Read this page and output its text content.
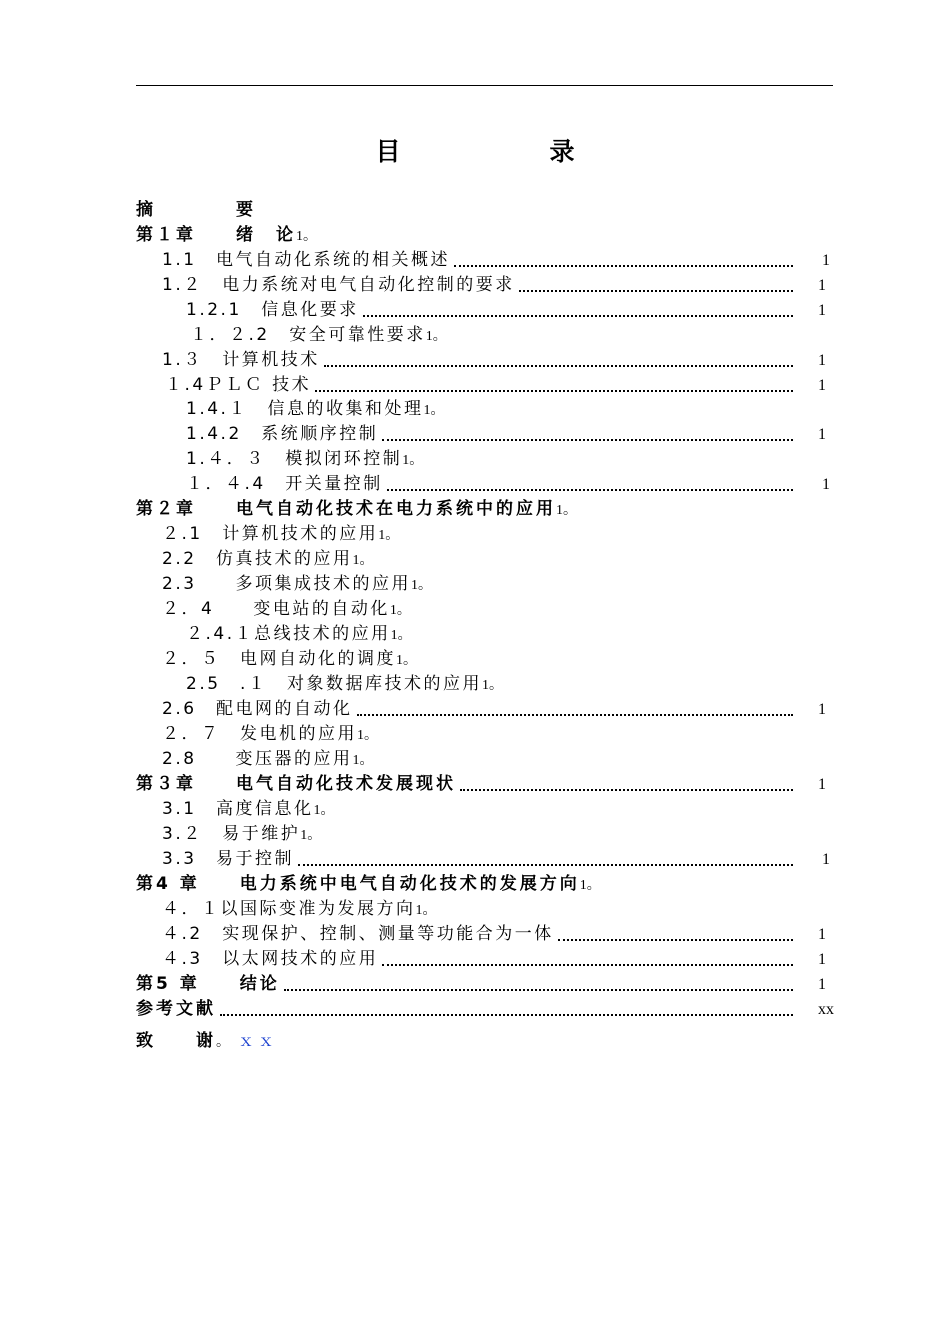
目　录
摘　　　　要
第１章　　绪　论1。
1.1　电气自动化系统的相关概述	1
1.２　电力系统对电气自动化控制的要求	1
1.2.1　信息化要求	1
１．２.2　安全可靠性要求1。
1.３　计算机技术	1
１.4ＰＬＣ 技术	1
1.4.１　信息的收集和处理1。
1.4.2　系统顺序控制	1
1.４．３　模拟闭环控制1。
１．４.4　开关量控制	1
第２章　　电气自动化技术在电力系统中的应用1。
２.1　计算机技术的应用1。
2.2　仿真技术的应用1。
2.3　　多项集成技术的应用1。
２．4　　变电站的自动化1。
２.4.１总线技术的应用1。
２．５　电网自动化的调度1。
2.5　.１　对象数据库技术的应用1。
2.6　配电网的自动化	1
２．７　发电机的应用1。
2.8　　变压器的应用1。
第３章　　电气自动化技术发展现状	1
3.1　高度信息化1。
3.２　易于维护1。
3.3　易于控制	1
第4 章　　电力系统中电气自动化技术的发展方向1。
４．１以国际变准为发展方向1。
４.2　实现保护、控制、测量等功能合为一体	1
４.3　以太网技术的应用	1
第5 章　　结论	1
参考文献	xx
致　　谢。 ｘｘ
